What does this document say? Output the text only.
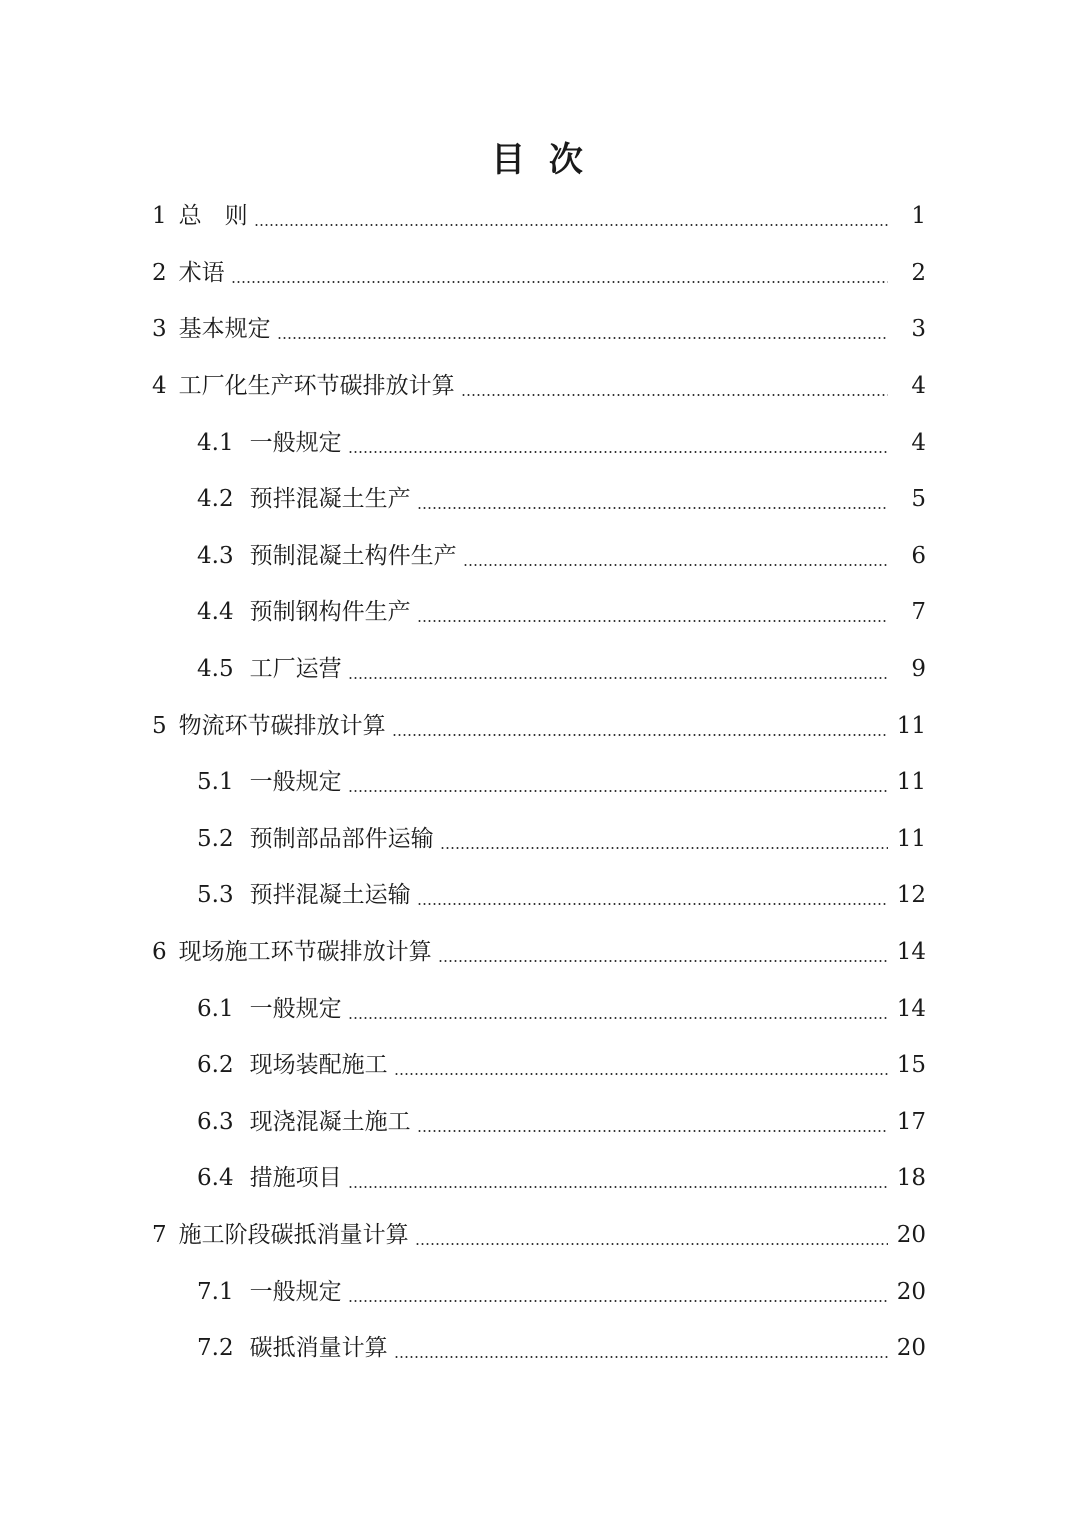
目 次
1 总　则	1
2 术语	2
3 基本规定	3
4 工厂化生产环节碳排放计算	4
4.1 一般规定	4
4.2 预拌混凝土生产	5
4.3 预制混凝土构件生产	6
4.4 预制钢构件生产	7
4.5 工厂运营	9
5 物流环节碳排放计算	11
5.1 一般规定	11
5.2 预制部品部件运输	11
5.3 预拌混凝土运输	12
6 现场施工环节碳排放计算	14
6.1 一般规定	14
6.2 现场装配施工	15
6.3 现浇混凝土施工	17
6.4 措施项目	18
7 施工阶段碳抵消量计算	20
7.1 一般规定	20
7.2 碳抵消量计算	20
